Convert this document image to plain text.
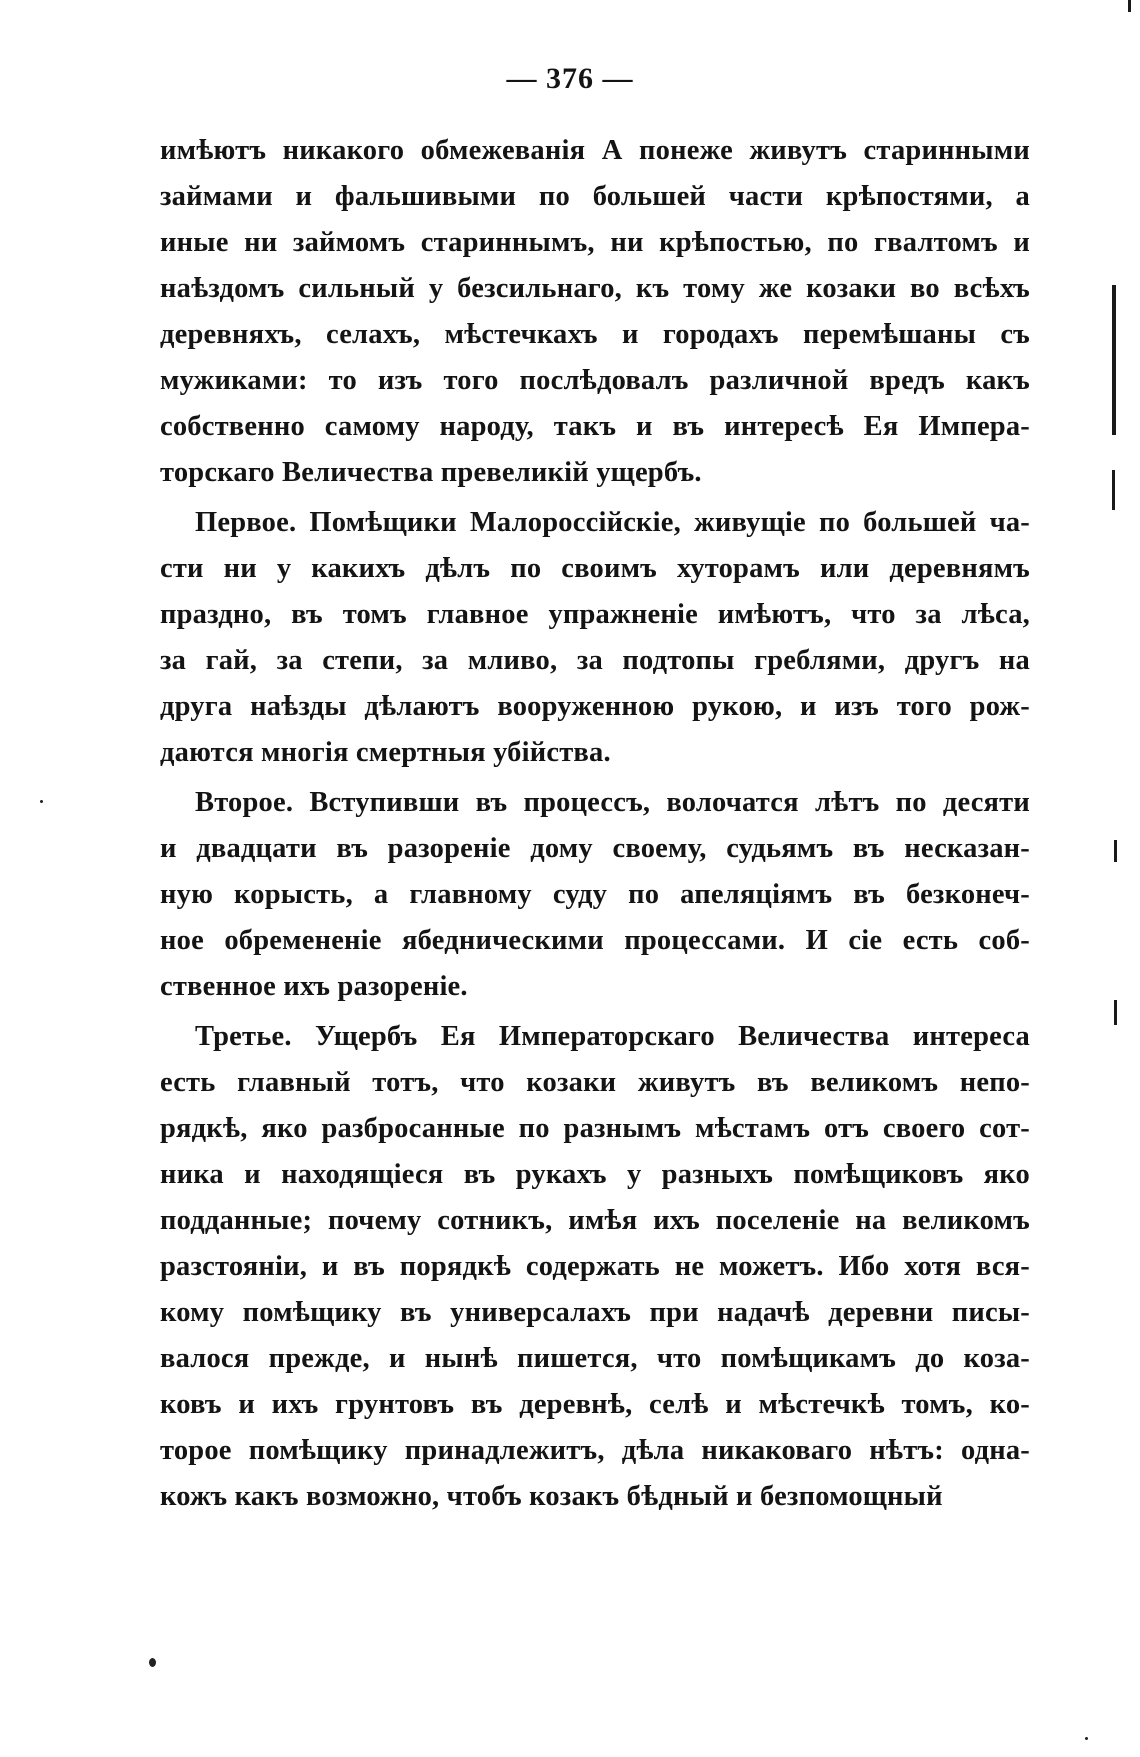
— 376 —
имѣютъ никакого обмежеванія А понеже живутъ старинными
займами и фальшивыми по большей части крѣпостями, а
иные ни займомъ стариннымъ, ни крѣпостью, по гвалтомъ и
наѣздомъ сильный у безсильнаго, къ тому же козаки во всѣхъ
деревняхъ, селахъ, мѣстечкахъ и городахъ перемѣшаны съ
мужиками: то изъ того послѣдовалъ различной вредъ какъ
собственно самому народу, такъ и въ интересѣ Ея Импера-
торскаго Величества превеликій ущербъ.
Первое. Помѣщики Малороссійскіе, живущіе по большей ча-
сти ни у какихъ дѣлъ по своимъ хуторамъ или деревнямъ
праздно, въ томъ главное упражненіе имѣютъ, что за лѣса,
за гай, за степи, за мливо, за подтопы греблями, другъ на
друга наѣзды дѣлаютъ вооруженною рукою, и изъ того рож-
даются многія смертныя убійства.
Второе. Вступивши въ процессъ, волочатся лѣтъ по десяти
и двадцати въ разореніе дому своему, судьямъ въ несказан-
ную корысть, а главному суду по апеляціямъ въ безконеч-
ное обремененіе ябедническими процессами. И сіе есть соб-
ственное ихъ разореніе.
Третье. Ущербъ Ея Императорскаго Величества интереса
есть главный тотъ, что козаки живутъ въ великомъ непо-
рядкѣ, яко разбросанные по разнымъ мѣстамъ отъ своего сот-
ника и находящіеся въ рукахъ у разныхъ помѣщиковъ яко
подданные; почему сотникъ, имѣя ихъ поселеніе на великомъ
разстояніи, и въ порядкѣ содержать не можетъ. Ибо хотя вся-
кому помѣщику въ универсалахъ при надачѣ деревни писы-
валося прежде, и нынѣ пишется, что помѣщикамъ до коза-
ковъ и ихъ грунтовъ въ деревнѣ, селѣ и мѣстечкѣ томъ, ко-
торое помѣщику принадлежитъ, дѣла никаковаго нѣтъ: одна-
кожъ какъ возможно, чтобъ козакъ бѣдный и безпомощный
